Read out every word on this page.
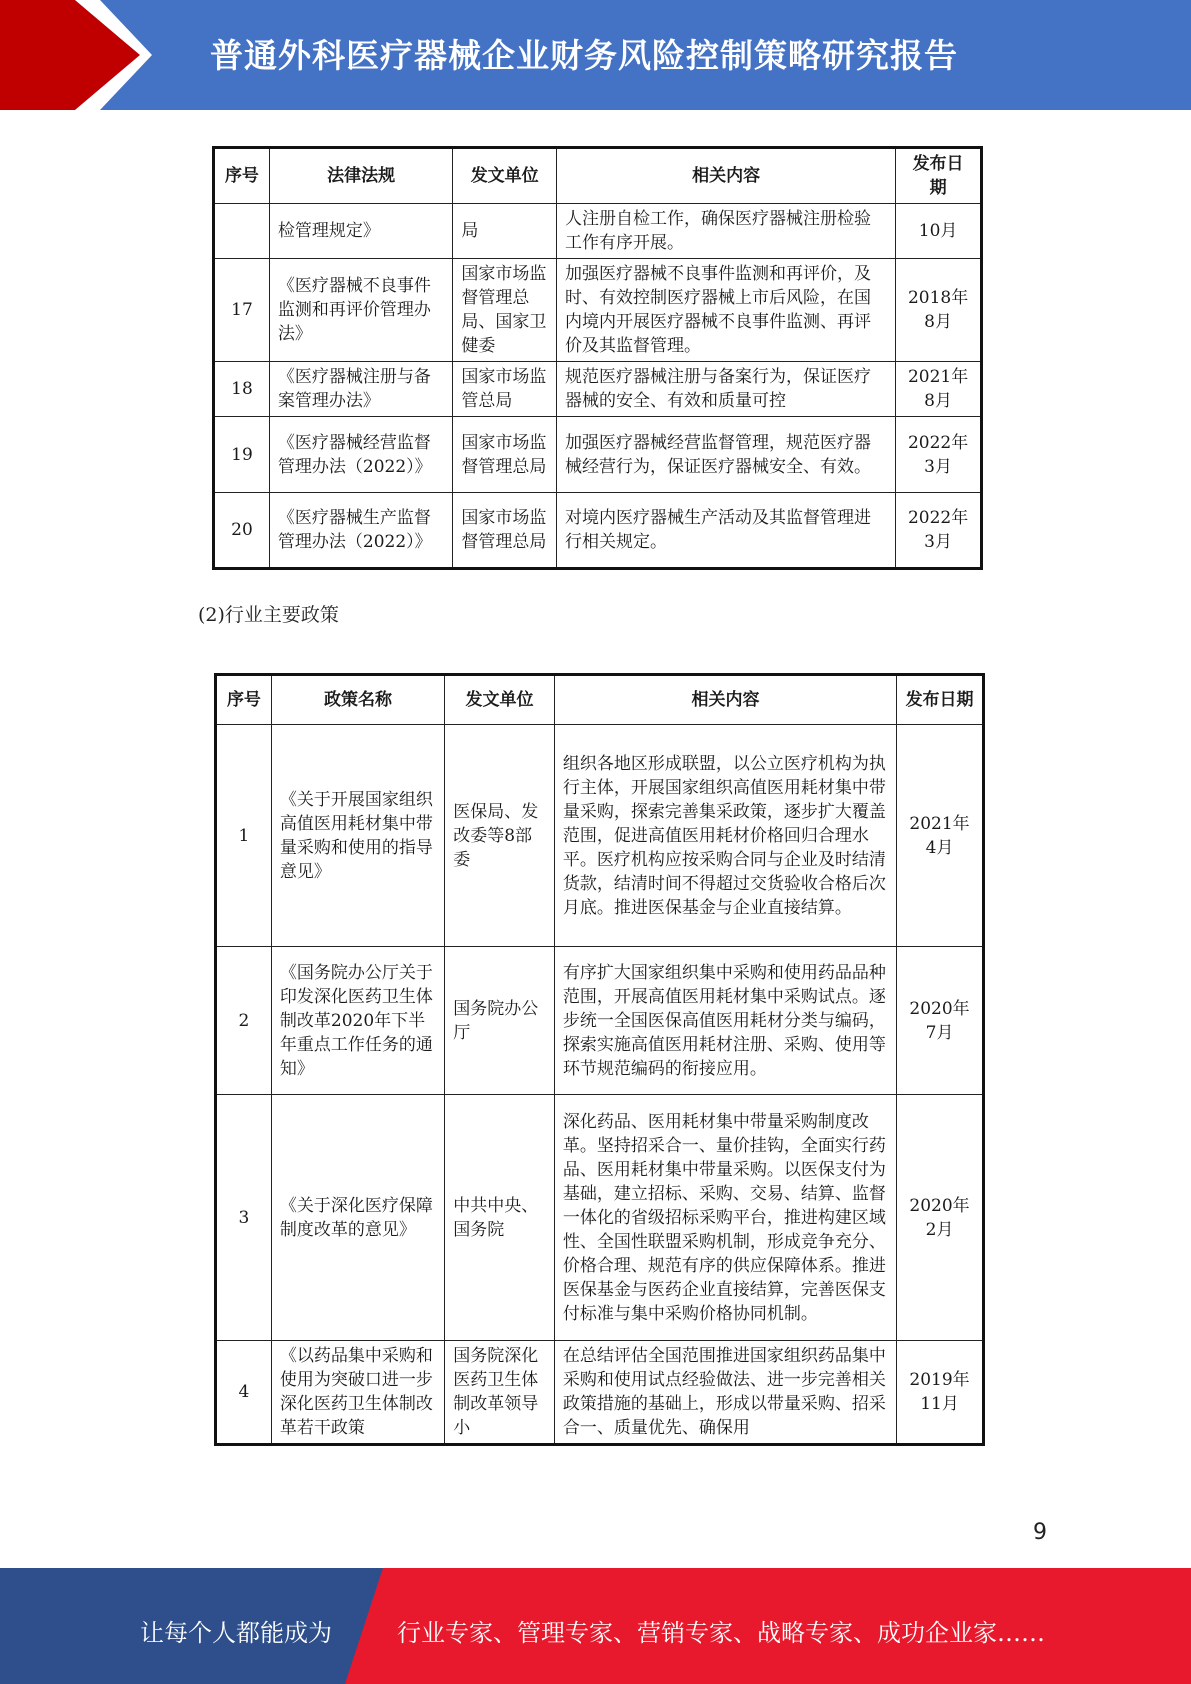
普通外科医疗器械企业财务风险控制策略研究报告
序号	法律法规	发文单位	相关内容	发布日期
	检管理规定》	局	人注册自检工作，确保医疗器械注册检验工作有序开展。	10月
17	《医疗器械不良事件监测和再评价管理办法》	国家市场监督管理总局、国家卫健委	加强医疗器械不良事件监测和再评价，及时、有效控制医疗器械上市后风险，在国内境内开展医疗器械不良事件监测、再评价及其监督管理。	2018年8月
18	《医疗器械注册与备案管理办法》	国家市场监管总局	规范医疗器械注册与备案行为，保证医疗器械的安全、有效和质量可控	2021年8月
19	《医疗器械经营监督管理办法（2022）》	国家市场监督管理总局	加强医疗器械经营监督管理，规范医疗器械经营行为，保证医疗器械安全、有效。	2022年3月
20	《医疗器械生产监督管理办法（2022）》	国家市场监督管理总局	对境内医疗器械生产活动及其监督管理进行相关规定。	2022年3月
(2)行业主要政策
序号	政策名称	发文单位	相关内容	发布日期
1	《关于开展国家组织高值医用耗材集中带量采购和使用的指导意见》	医保局、发改委等8部委	组织各地区形成联盟，以公立医疗机构为执行主体，开展国家组织高值医用耗材集中带量采购，探索完善集采政策，逐步扩大覆盖范围，促进高值医用耗材价格回归合理水平。医疗机构应按采购合同与企业及时结清货款，结清时间不得超过交货验收合格后次月底。推进医保基金与企业直接结算。	2021年4月
2	《国务院办公厅关于印发深化医药卫生体制改革2020年下半年重点工作任务的通知》	国务院办公厅	有序扩大国家组织集中采购和使用药品品种范围，开展高值医用耗材集中采购试点。逐步统一全国医保高值医用耗材分类与编码，探索实施高值医用耗材注册、采购、使用等环节规范编码的衔接应用。	2020年7月
3	《关于深化医疗保障制度改革的意见》	中共中央、国务院	深化药品、医用耗材集中带量采购制度改革。坚持招采合一、量价挂钩，全面实行药品、医用耗材集中带量采购。以医保支付为基础，建立招标、采购、交易、结算、监督一体化的省级招标采购平台，推进构建区域性、全国性联盟采购机制，形成竞争充分、价格合理、规范有序的供应保障体系。推进医保基金与医药企业直接结算，完善医保支付标准与集中采购价格协同机制。	2020年2月
4	《以药品集中采购和使用为突破口进一步深化医药卫生体制改革若干政策	国务院深化医药卫生体制改革领导小	在总结评估全国范围推进国家组织药品集中采购和使用试点经验做法、进一步完善相关政策措施的基础上，形成以带量采购、招采合一、质量优先、确保用	2019年11月
9
让每个人都能成为	行业专家、管理专家、营销专家、战略专家、成功企业家……
